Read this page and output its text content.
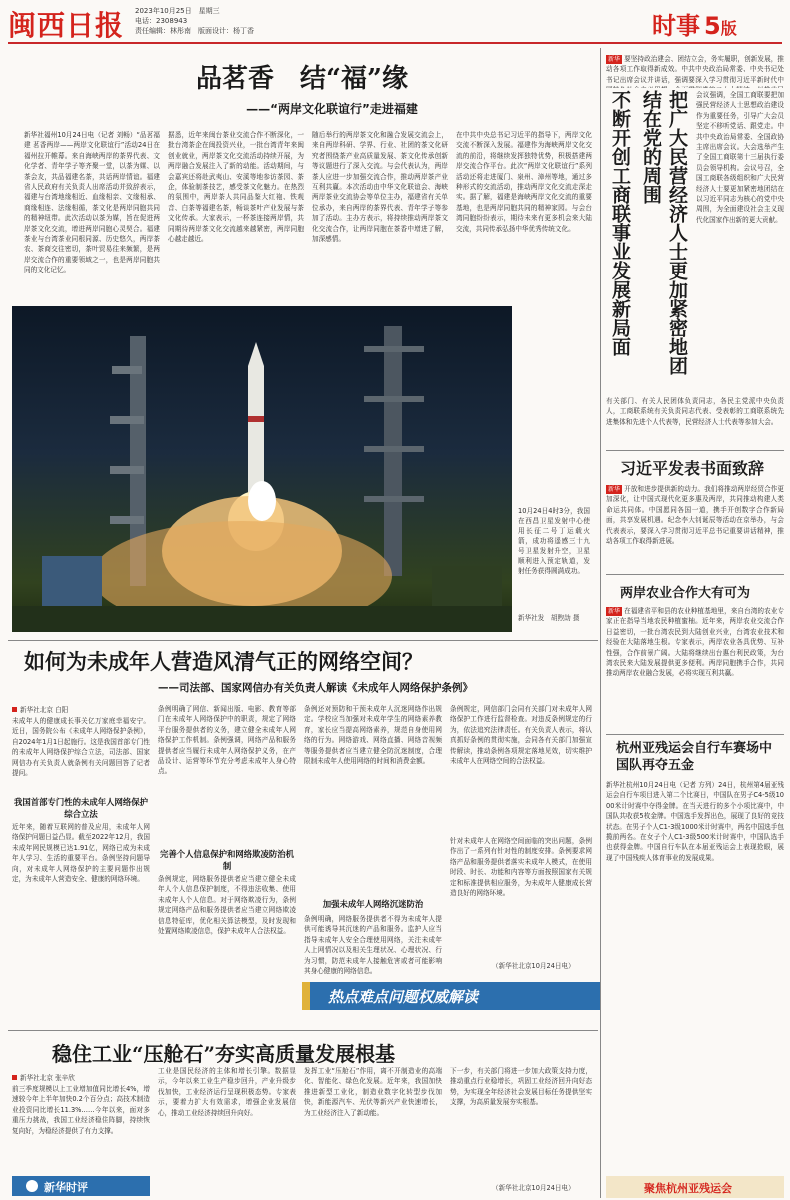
闽西日报 2023年10月25日　星期三
电话：2308943
责任编辑：林彤南　版面设计：杨丁香	时事 5版
品茗香　结“福”缘
——“两岸文化联谊行”走进福建
新华社福州10月24日电（记者 刘畅）“品茗福建 茗香两岸——两岸文化联谊行”活动24日在福州拉开帷幕。来自海峡两岸的茶界代表、文化学者、青年学子等齐聚一堂，以茶为媒、以茶会友，共品福建名茶，共话两岸情谊。福建省人民政府有关负责人出席活动并致辞表示，福建与台湾地缘相近、血缘相亲、文缘相承、商缘相连、法缘相循，茶文化是两岸同胞共同的精神纽带。此次活动以茶为媒，旨在促进两岸茶文化交流，增进两岸同胞心灵契合。福建茶业与台湾茶业同根同源、历史悠久，两岸茶农、茶商交往密切，茶叶贸易往来频繁，是两岸交流合作的重要领域之一，也是两岸同胞共同的文化记忆。
据悉，近年来闽台茶业交流合作不断深化，一批台湾茶企在闽投资兴业，一批台湾青年来闽创业就业，两岸茶文化交流活动持续开展，为两岸融合发展注入了新的动能。活动期间，与会嘉宾还将赴武夷山、安溪等地参访茶园、茶企，体验制茶技艺，感受茶文化魅力。在热烈的氛围中，两岸茶人共同品鉴大红袍、铁观音、白茶等福建名茶，畅谈茶叶产业发展与茶文化传承。大家表示，一杯茶连接两岸情，共同期待两岸茶文化交流越来越紧密，两岸同胞心越走越近。
随后举行的两岸茶文化和融合发展交流会上，来自两岸科研、学界、行业、社团的茶文化研究者围绕茶产业高质量发展、茶文化传承创新等议题进行了深入交流。与会代表认为，两岸茶人应进一步加强交流合作，推动两岸茶产业互利共赢。本次活动由中华文化联谊会、海峡两岸茶业交流协会等单位主办，福建省有关单位承办，来自两岸的茶界代表、青年学子等参加了活动。主办方表示，将持续推动两岸茶文化交流合作，让两岸同胞在茶香中增进了解，加深感情。
在中共中央总书记习近平的指导下，两岸文化交流不断深入发展。福建作为海峡两岸文化交流的前沿，将继续发挥独特优势，积极搭建两岸交流合作平台。此次“两岸文化联谊行”系列活动还将走进厦门、泉州、漳州等地，通过多种形式的交流活动，推动两岸文化交流走深走实。据了解，福建是海峡两岸文化交流的重要基地，也是两岸同胞共同的精神家园。与会台湾同胞纷纷表示，期待未来有更多机会来大陆交流，共同传承弘扬中华优秀传统文化。
10月24日4时3分，我国在西昌卫星发射中心使用长征二号丁运载火箭，成功将遥感三十九号卫星发射升空，卫星顺利进入预定轨道，发射任务获得圆满成功。
新华社发　胡煦劼 摄
如何为未成年人营造风清气正的网络空间？
——司法部、国家网信办有关负责人解读《未成年人网络保护条例》
新华社北京 白阳
未成年人的健康成长事关亿万家庭幸福安宁。近日，国务院公布《未成年人网络保护条例》，自2024年1月1日起施行。这是我国首部专门性的未成年人网络保护综合立法，司法部、国家网信办有关负责人就条例有关问题回答了记者提问。
我国首部专门性的未成年人网络保护综合立法
近年来，随着互联网的普及应用，未成年人网络保护问题日益凸显。截至2022年12月，我国未成年网民规模已达1.91亿，网络已成为未成年人学习、生活的重要平台。条例坚持问题导向，对未成年人网络保护的主要问题作出规定，为未成年人营造安全、健康的网络环境。
条例明确了网信、新闻出版、电影、教育等部门在未成年人网络保护中的职责，规定了网络平台服务提供者的义务，建立健全未成年人网络保护工作机制。条例强调，网络产品和服务提供者应当履行未成年人网络保护义务，在产品设计、运营等环节充分考虑未成年人身心特点。
完善个人信息保护和网络欺凌防治机制
条例规定，网络服务提供者应当建立健全未成年人个人信息保护制度，不得违法收集、使用未成年人个人信息。对于网络欺凌行为，条例规定网络产品和服务提供者应当建立网络欺凌信息特征库，优化相关算法模型，及时发现和处置网络欺凌信息，保护未成年人合法权益。
条例还对预防和干预未成年人沉迷网络作出规定。学校应当加强对未成年学生的网络素养教育，家长应当提高网络素养，规范自身使用网络的行为。网络游戏、网络直播、网络音视频等服务提供者应当建立健全防沉迷制度，合理限制未成年人使用网络的时间和消费金额。
加强未成年人网络沉迷防治
条例明确，网络服务提供者不得为未成年人提供可能诱导其沉迷的产品和服务。监护人应当指导未成年人安全合理使用网络，关注未成年人上网情况以及相关生理状况、心理状况、行为习惯，防范未成年人接触危害或者可能影响其身心健康的网络信息。
条例规定，网信部门会同有关部门对未成年人网络保护工作进行监督检查。对违反条例规定的行为，依法追究法律责任。有关负责人表示，将认真抓好条例的贯彻实施，会同各有关部门加强宣传解读，推动条例各项规定落地见效，切实维护未成年人在网络空间的合法权益。
针对未成年人在网络空间面临的突出问题，条例作出了一系列有针对性的制度安排。条例要求网络产品和服务提供者落实未成年人模式，在使用时段、时长、功能和内容等方面按照国家有关规定和标准提供相应服务，为未成年人健康成长营造良好的网络环境。
（新华社北京10月24日电）
热点难点问题权威解读
稳住工业“压舱石”夯实高质量发展根基
新华社北京 张辛欣
前三季度规模以上工业增加值同比增长4%，增速较今年上半年加快0.2个百分点；高技术制造业投资同比增长11.3%……今年以来，面对多重压力挑战，我国工业经济稳住阵脚，持续恢复向好，为稳经济提供了有力支撑。
工业是国民经济的主体和增长引擎。数据显示，今年以来工业生产稳步回升，产业升级步伐加快，工业经济运行呈现积极态势。专家表示，要着力扩大有效需求，增强企业发展信心，推动工业经济持续回升向好。
发挥工业“压舱石”作用，离不开制造业的高端化、智能化、绿色化发展。近年来，我国加快推进新型工业化，制造业数字化转型步伐加快，新能源汽车、光伏等新兴产业快速增长，为工业经济注入了新动能。
下一步，有关部门将进一步加大政策支持力度，推动重点行业稳增长，巩固工业经济回升向好态势，为实现全年经济社会发展目标任务提供坚实支撑，为高质量发展夯实根基。
（新华社北京10月24日电）
新华时评
新华 要坚持政治建会、团结立会，务实履职，创新发展，推动各项工作取得新成效。中共中央政治局常委、中央书记处书记出席会议并讲话，强调要深入学习贯彻习近平新时代中
不断开创工商联事业发展新局面	把广大民营经济人士更加紧密地团结在党的周围	会议强调，全国工商联要把加强民营经济人士思想政治建设作为重要任务，引导广大会员坚定不移听党话、跟党走。中共中央政治局常委、全国政协主席出席会议。大会选举产生了全国工商联第十三届执行委员会领导机构。会议号召，全国工商联各级组织和广大民营经济人士要更加紧密地团结在以习近平同志为核心的党中央周围，为全面建设社会主义现代化国家作出新的更大贡献。
有关部门、有关人民团体负责同志，各民主党派中央负责人，工商联系统有关负责同志代表、受表彰的工商联系统先进集体和先进个人代表等，民营经济人士代表等参加大会。
习近平发表书面致辞
新华 开放和进步提供新的动力。我们将推动两岸经贸合作更加深化，让中国式现代化更多惠及两岸，共同推动构建人类命运共同体。中国愿同各国一道，携手开创数字合作新局面，共享发展机遇。纪念李大钊诞辰等活动在京举办，与会代表表示，要深入学习贯彻习近平总书记重要讲话精神，推动各项工作取得新进展。
两岸农业合作大有可为
新华 在福建省平和县的农业种植基地里，来自台湾的农业专家正在指导当地农民种植蜜柚。近年来，两岸农业交流合作日益密切，一批台湾农民到大陆创业兴业，台湾农业技术和经验在大陆落地生根。专家表示，两岸农业各具优势、互补性强，合作前景广阔。大陆将继续出台惠台利民政策，为台湾农民来大陆发展提供更多便利。两岸同胞携手合作，共同推动两岸农业融合发展，必将实现互利共赢。
杭州亚残运会自行车赛场中国队再夺五金
新华社杭州10月24日电（记者 方列）24日，杭州第4届亚残运会自行车项目进入第二个比赛日，中国队在男子C4-5级1000米计时赛中夺得金牌。在当天进行的多个小项比赛中，中国队共收获5枚金牌。中国选手发挥出色，展现了良好的竞技状态。在男子个人C1-3级1000米计时赛中，两名中国选手包揽前两名。在女子个人C1-3级500米计时赛中，中国队选手也获得金牌。中国自行车队在本届亚残运会上表现抢眼，展现了中国残疾人体育事业的发展成果。
聚焦杭州亚残运会
